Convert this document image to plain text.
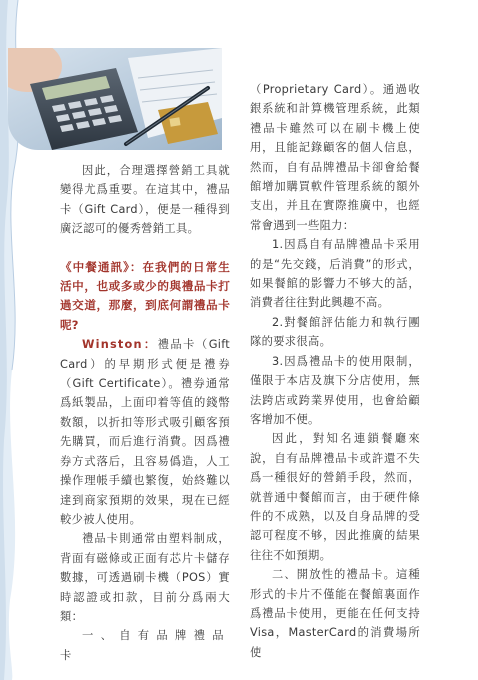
因此，合理選擇營銷工具就變得尤爲重要。在這其中，禮品卡（Gift Card），便是一種得到廣泛認可的優秀營銷工具。

《中餐通訊》：在我們的日常生活中，也或多或少的與禮品卡打過交道，那麼，到底何謂禮品卡呢?

Winston：禮品卡（Gift Card）的早期形式便是禮券（Gift Certificate）。禮券通常爲紙製品，上面印着等值的錢幣数額，以折扣等形式吸引顧客預先購買，而后進行消費。因爲禮券方式落后，且容易僞造，人工操作理帳手續也繁復，始終難以達到商家預期的效果，現在已經較少被人使用。

禮品卡則通常由塑料制成，背面有磁條或正面有芯片卡儲存數據，可透過刷卡機（POS）實時認證或扣款，目前分爲兩大類：

一、自有品牌禮品卡

（Proprietary Card）。通過收銀系統和計算機管理系統，此類禮品卡雖然可以在刷卡機上使用，且能記錄顧客的個人信息，然而，自有品牌禮品卡卻會給餐館增加購買軟件管理系統的額外支出，并且在實際推廣中，也經常會遇到一些阻力：

1.因爲自有品牌禮品卡采用的是“先交錢，后消費”的形式，如果餐館的影響力不够大的話，消費者往往對此興趣不高。

2.對餐館評估能力和執行團隊的要求很高。

3.因爲禮品卡的使用限制，僅限于本店及旗下分店使用，無法跨店或跨業界使用，也會給顧客增加不便。

因此，對知名連鎖餐廳來說，自有品牌禮品卡或許還不失爲一種很好的營銷手段，然而，就普通中餐館而言，由于硬件條件的不成熟，以及自身品牌的受認可程度不够，因此推廣的結果往往不如預期。

二、開放性的禮品卡。這種形式的卡片不僅能在餐館裏面作爲禮品卡使用，更能在任何支持Visa，MasterCard的消費場所使
